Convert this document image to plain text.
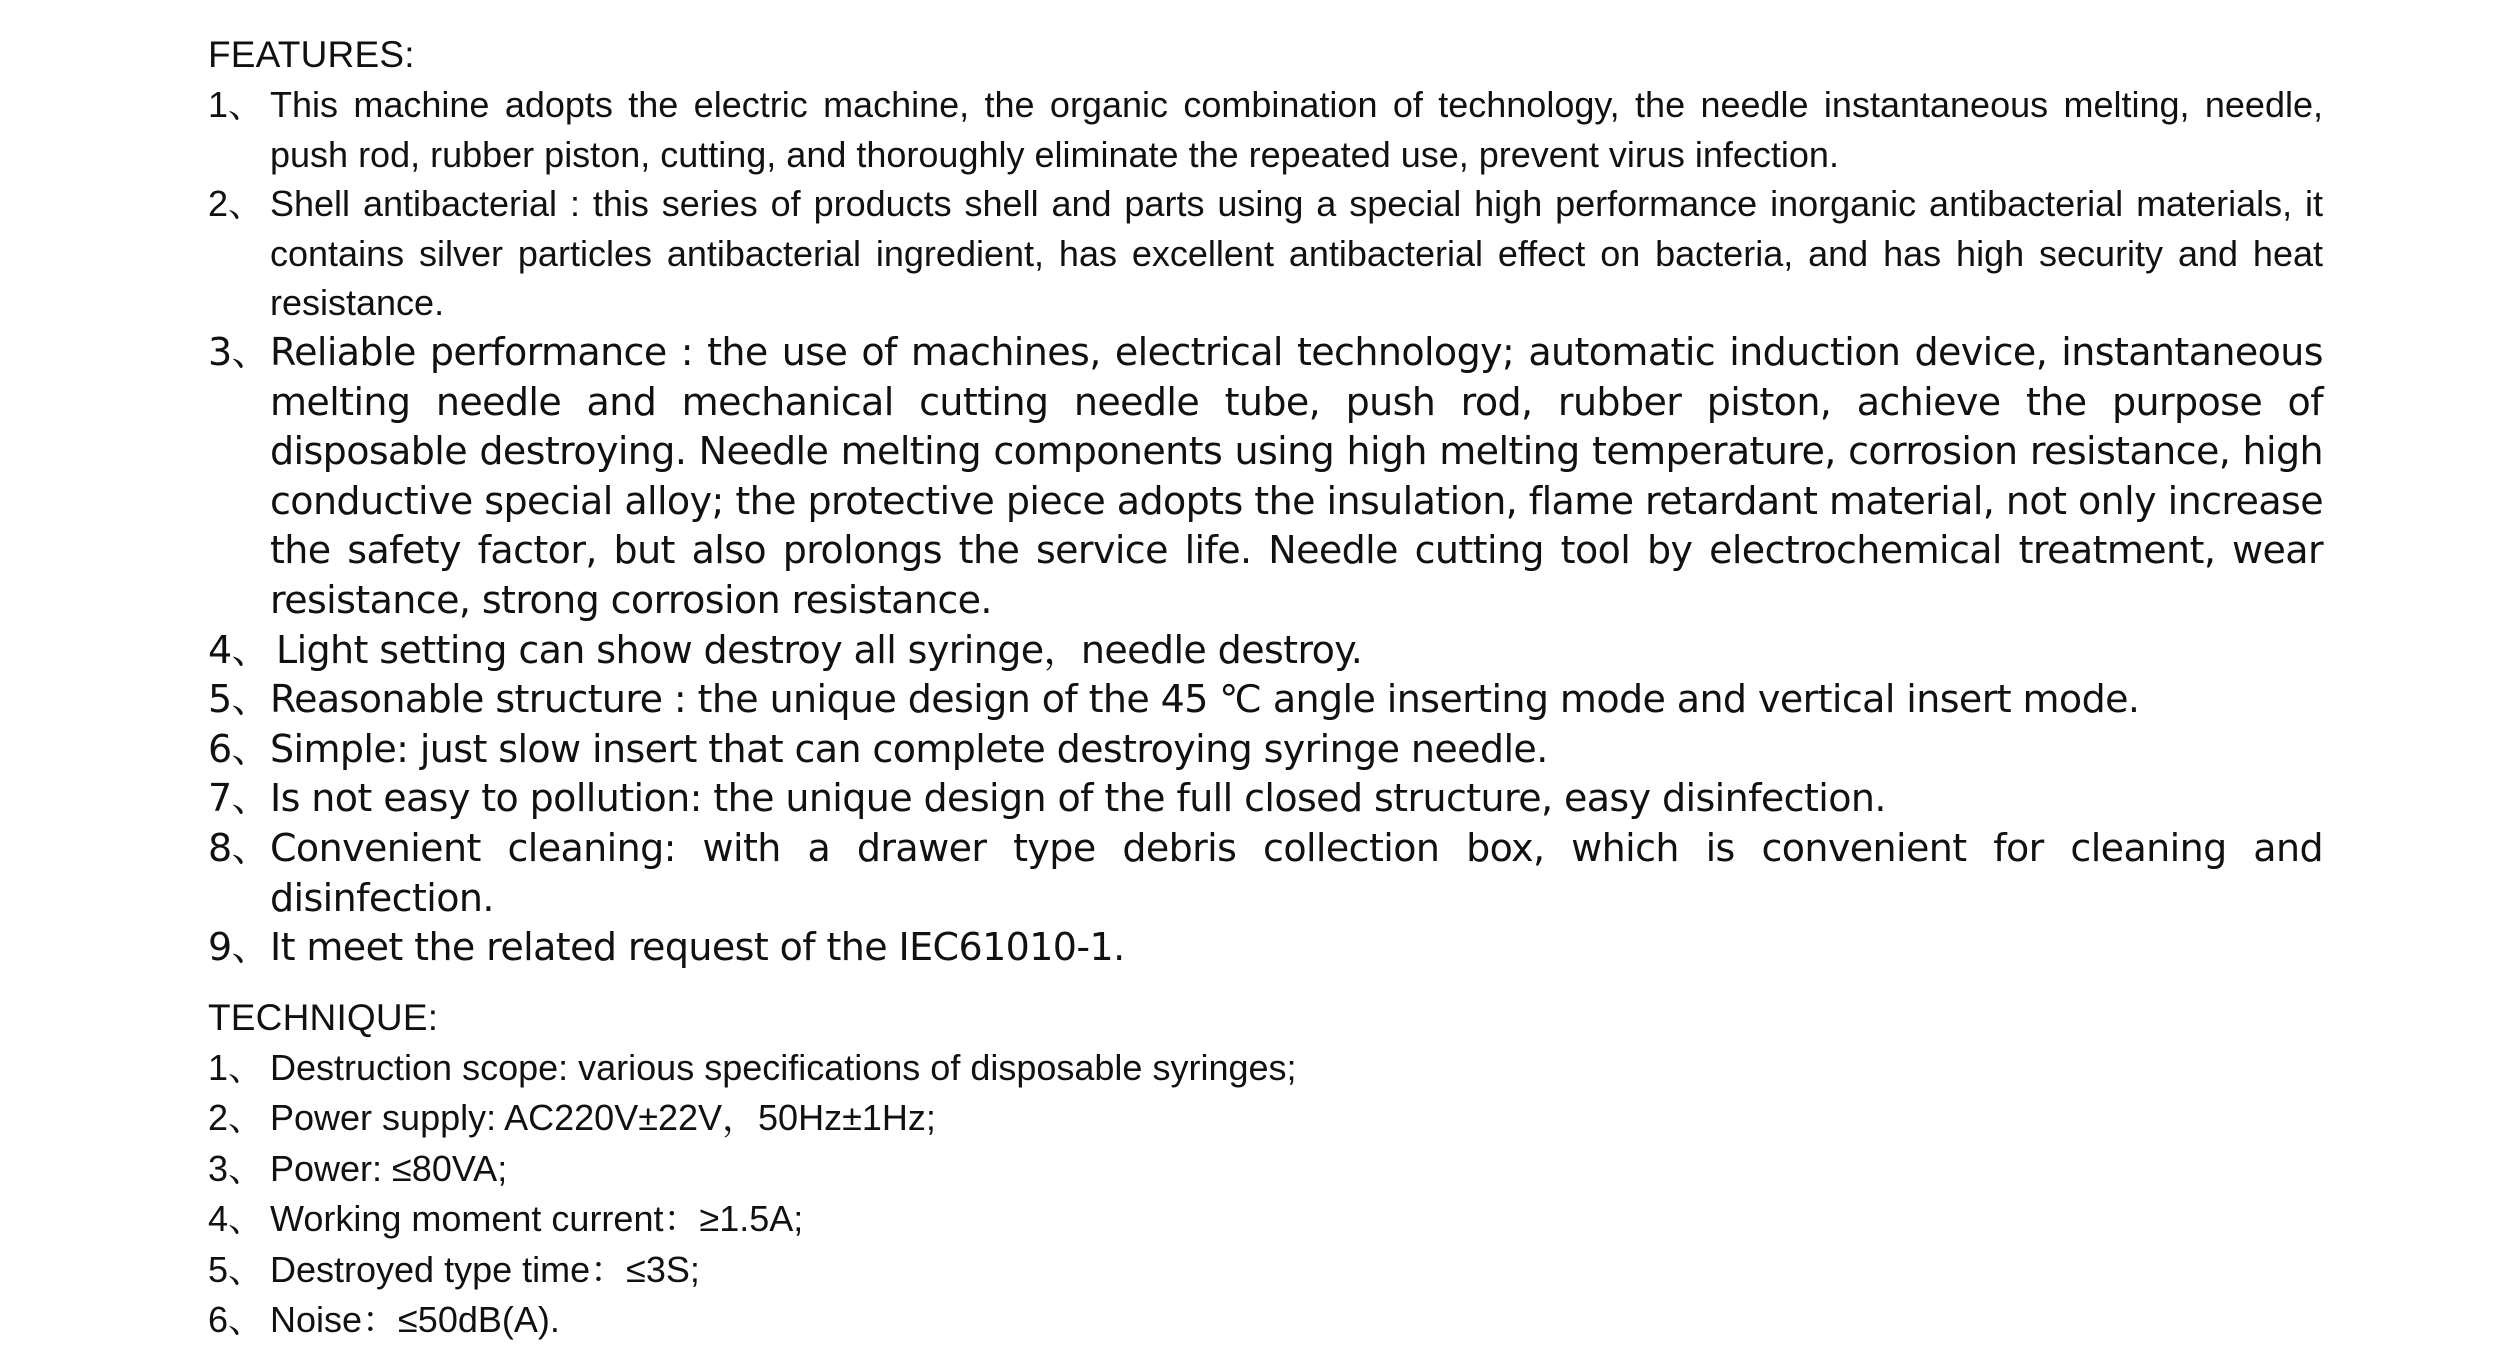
FEATURES:
1、 This machine adopts the electric machine, the organic combination of technology, the needle instantaneous melting, needle, push rod, rubber piston, cutting, and thoroughly eliminate the repeated use, prevent virus infection.
2、 Shell antibacterial : this series of products shell and parts using a special high performance inorganic antibacterial materials, it contains silver particles antibacterial ingredient, has excellent antibacterial effect on bacteria, and has high security and heat resistance.
3、 Reliable performance : the use of machines, electrical technology; automatic induction device, instantaneous melting needle and mechanical cutting needle tube, push rod, rubber piston, achieve the purpose of disposable destroying. Needle melting components using high melting temperature, corrosion resistance, high conductive special alloy; the protective piece adopts the insulation, flame retardant material, not only increase the safety factor, but also prolongs the service life. Needle cutting tool by electrochemical treatment, wear resistance, strong corrosion resistance.
4、 Light setting can show destroy all syringe，needle destroy.
5、 Reasonable structure : the unique design of the 45 ℃ angle inserting mode and vertical insert mode.
6、 Simple: just slow insert that can complete destroying syringe needle.
7、 Is not easy to pollution: the unique design of the full closed structure, easy disinfection.
8、 Convenient cleaning: with a drawer type debris collection box, which is convenient for cleaning and disinfection.
9、 It meet the related request of the IEC61010-1.
TECHNIQUE:
1、 Destruction scope: various specifications of disposable syringes;
2、 Power supply: AC220V±22V，50Hz±1Hz;
3、 Power: ≤80VA;
4、 Working moment current：≥1.5A;
5、 Destroyed type time：≤3S;
6、 Noise：≤50dB(A).
